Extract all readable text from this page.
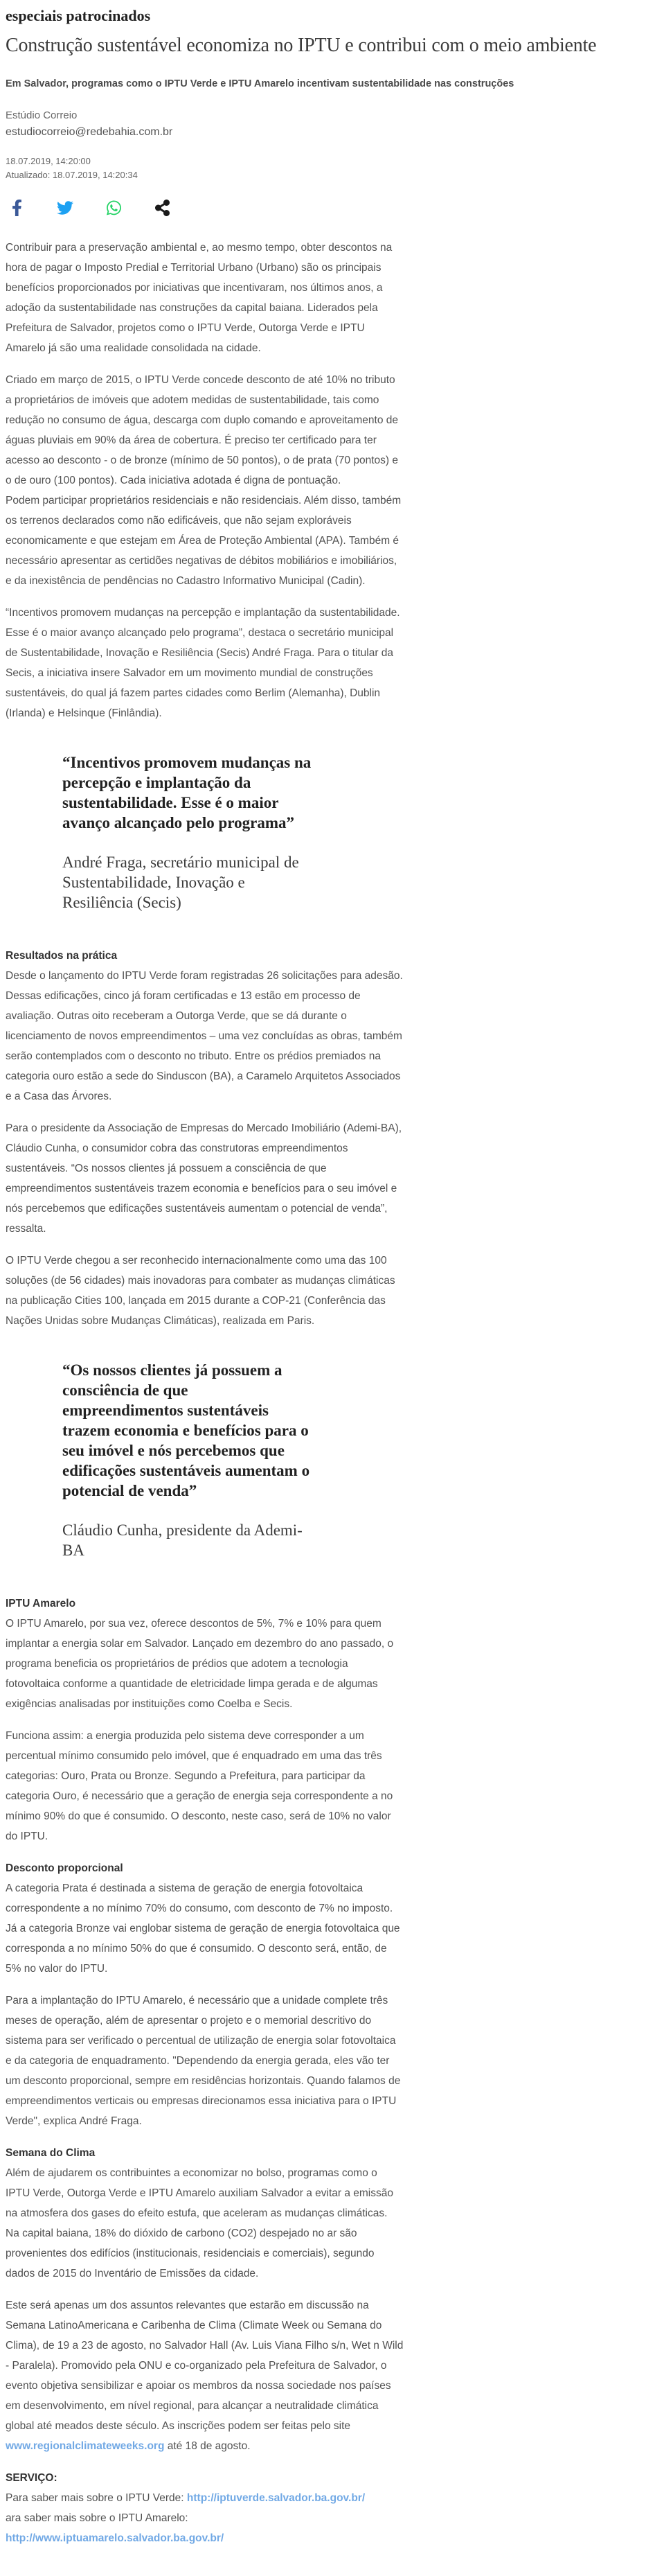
especiais patrocinados
Construção sustentável economiza no IPTU e contribui com o meio ambiente

Em Salvador, programas como o IPTU Verde e IPTU Amarelo incentivam sustentabilidade nas construções

Estúdio Correio
estudiocorreio@redebahia.com.br
18.07.2019, 14:20:00
Atualizado: 18.07.2019, 14:20:34

Contribuir para a preservação ambiental e, ao mesmo tempo, obter descontos na hora de pagar o Imposto Predial e Territorial Urbano (Urbano) são os principais benefícios proporcionados por iniciativas que incentivaram, nos últimos anos, a adoção da sustentabilidade nas construções da capital baiana. Liderados pela Prefeitura de Salvador, projetos como o IPTU Verde, Outorga Verde e IPTU Amarelo já são uma realidade consolidada na cidade.

Criado em março de 2015, o IPTU Verde concede desconto de até 10% no tributo a proprietários de imóveis que adotem medidas de sustentabilidade, tais como redução no consumo de água, descarga com duplo comando e aproveitamento de águas pluviais em 90% da área de cobertura. É preciso ter certificado para ter acesso ao desconto - o de bronze (mínimo de 50 pontos), o de prata (70 pontos) e o de ouro (100 pontos). Cada iniciativa adotada é digna de pontuação.

Podem participar proprietários residenciais e não residenciais. Além disso, também os terrenos declarados como não edificáveis, que não sejam exploráveis economicamente e que estejam em Área de Proteção Ambiental (APA). Também é necessário apresentar as certidões negativas de débitos mobiliários e imobiliários, e da inexistência de pendências no Cadastro Informativo Municipal (Cadin).

“Incentivos promovem mudanças na percepção e implantação da sustentabilidade. Esse é o maior avanço alcançado pelo programa”, destaca o secretário municipal de Sustentabilidade, Inovação e Resiliência (Secis) André Fraga. Para o titular da Secis, a iniciativa insere Salvador em um movimento mundial de construções sustentáveis, do qual já fazem partes cidades como Berlim (Alemanha), Dublin (Irlanda) e Helsinque (Finlândia).

“Incentivos promovem mudanças na percepção e implantação da sustentabilidade. Esse é o maior avanço alcançado pelo programa”
André Fraga, secretário municipal de Sustentabilidade, Inovação e Resiliência (Secis)

Resultados na prática

Desde o lançamento do IPTU Verde foram registradas 26 solicitações para adesão. Dessas edificações, cinco já foram certificadas e 13 estão em processo de avaliação. Outras oito receberam a Outorga Verde, que se dá durante o licenciamento de novos empreendimentos – uma vez concluídas as obras, também serão contemplados com o desconto no tributo. Entre os prédios premiados na categoria ouro estão a sede do Sinduscon (BA), a Caramelo Arquitetos Associados e a Casa das Árvores.

Para o presidente da Associação de Empresas do Mercado Imobiliário (Ademi-BA), Cláudio Cunha, o consumidor cobra das construtoras empreendimentos sustentáveis. “Os nossos clientes já possuem a consciência de que empreendimentos sustentáveis trazem economia e benefícios para o seu imóvel e nós percebemos que edificações sustentáveis aumentam o potencial de venda”, ressalta.

O IPTU Verde chegou a ser reconhecido internacionalmente como uma das 100 soluções (de 56 cidades) mais inovadoras para combater as mudanças climáticas na publicação Cities 100, lançada em 2015 durante a COP-21 (Conferência das Nações Unidas sobre Mudanças Climáticas), realizada em Paris.

“Os nossos clientes já possuem a consciência de que empreendimentos sustentáveis trazem economia e benefícios para o seu imóvel e nós percebemos que edificações sustentáveis aumentam o potencial de venda”
Cláudio Cunha, presidente da Ademi-BA

IPTU Amarelo

O IPTU Amarelo, por sua vez, oferece descontos de 5%, 7% e 10% para quem implantar a energia solar em Salvador. Lançado em dezembro do ano passado, o programa beneficia os proprietários de prédios que adotem a tecnologia fotovoltaica conforme a quantidade de eletricidade limpa gerada e de algumas exigências analisadas por instituições como Coelba e Secis.

Funciona assim: a energia produzida pelo sistema deve corresponder a um percentual mínimo consumido pelo imóvel, que é enquadrado em uma das três categorias: Ouro, Prata ou Bronze. Segundo a Prefeitura, para participar da categoria Ouro, é necessário que a geração de energia seja correspondente a no mínimo 90% do que é consumido. O desconto, neste caso, será de 10% no valor do IPTU.

Desconto proporcional

A categoria Prata é destinada a sistema de geração de energia fotovoltaica correspondente a no mínimo 70% do consumo, com desconto de 7% no imposto. Já a categoria Bronze vai englobar sistema de geração de energia fotovoltaica que corresponda a no mínimo 50% do que é consumido. O desconto será, então, de 5% no valor do IPTU.

Para a implantação do IPTU Amarelo, é necessário que a unidade complete três meses de operação, além de apresentar o projeto e o memorial descritivo do sistema para ser verificado o percentual de utilização de energia solar fotovoltaica e da categoria de enquadramento. "Dependendo da energia gerada, eles vão ter um desconto proporcional, sempre em residências horizontais. Quando falamos de empreendimentos verticais ou empresas direcionamos essa iniciativa para o IPTU Verde", explica André Fraga.

Semana do Clima

Além de ajudarem os contribuintes a economizar no bolso, programas como o IPTU Verde, Outorga Verde e IPTU Amarelo auxiliam Salvador a evitar a emissão na atmosfera dos gases do efeito estufa, que aceleram as mudanças climáticas. Na capital baiana, 18% do dióxido de carbono (CO2) despejado no ar são provenientes dos edifícios (institucionais, residenciais e comerciais), segundo dados de 2015 do Inventário de Emissões da cidade.

Este será apenas um dos assuntos relevantes que estarão em discussão na Semana LatinoAmericana e Caribenha de Clima (Climate Week ou Semana do Clima), de 19 a 23 de agosto, no Salvador Hall (Av. Luis Viana Filho s/n, Wet n Wild - Paralela). Promovido pela ONU e co-organizado pela Prefeitura de Salvador, o evento objetiva sensibilizar e apoiar os membros da nossa sociedade nos países em desenvolvimento, em nível regional, para alcançar a neutralidade climática global até meados deste século. As inscrições podem ser feitas pelo site www.regionalclimateweeks.org até 18 de agosto.

SERVIÇO:

Para saber mais sobre o IPTU Verde: http://iptuverde.salvador.ba.gov.br/

ara saber mais sobre o IPTU Amarelo:

http://www.iptuamarelo.salvador.ba.gov.br/
